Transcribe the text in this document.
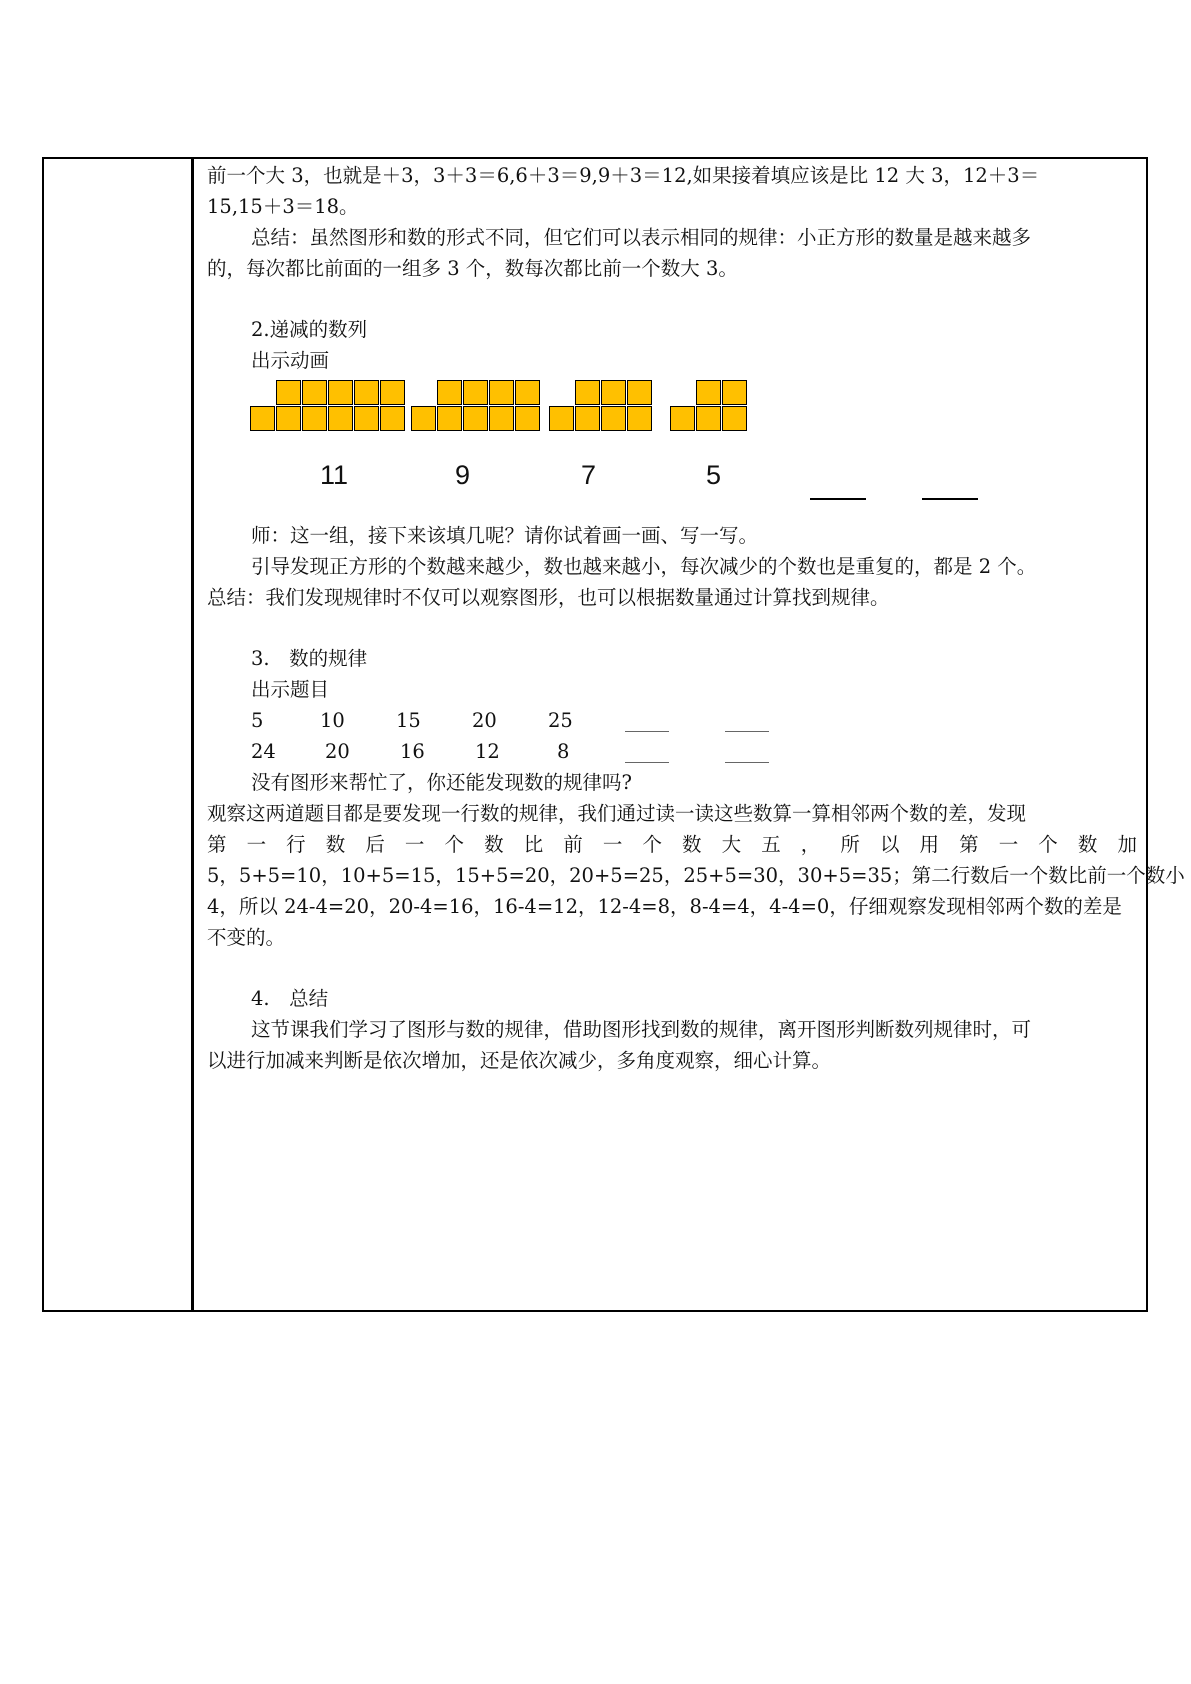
前一个大 3，也就是＋3，3＋3＝6,6＋3＝9,9＋3＝12,如果接着填应该是比 12 大 3，12＋3＝

15,15＋3＝18。

总结：虽然图形和数的形式不同，但它们可以表示相同的规律：小正方形的数量是越来越多

的，每次都比前面的一组多 3 个，数每次都比前一个数大 3。

2.递减的数列

出示动画

11	9	7	5

师：这一组，接下来该填几呢？请你试着画一画、写一写。

引导发现正方形的个数越来越少，数也越来越小，每次减少的个数也是重复的，都是 2 个。

总结：我们发现规律时不仅可以观察图形，也可以根据数量通过计算找到规律。

3.　数的规律

出示题目

5	10	15	20	25
24	20	16	12	8

没有图形来帮忙了，你还能发现数的规律吗?

观察这两道题目都是要发现一行数的规律，我们通过读一读这些数算一算相邻两个数的差，发现

第一行数后一个数比前一个数大五，所以用第一个数加

5，5+5=10，10+5=15，15+5=20，20+5=25，25+5=30，30+5=35；第二行数后一个数比前一个数小

4，所以 24-4=20，20-4=16，16-4=12，12-4=8，8-4=4，4-4=0，仔细观察发现相邻两个数的差是

不变的。

4.　总结

这节课我们学习了图形与数的规律，借助图形找到数的规律，离开图形判断数列规律时，可

以进行加减来判断是依次增加，还是依次减少，多角度观察，细心计算。
